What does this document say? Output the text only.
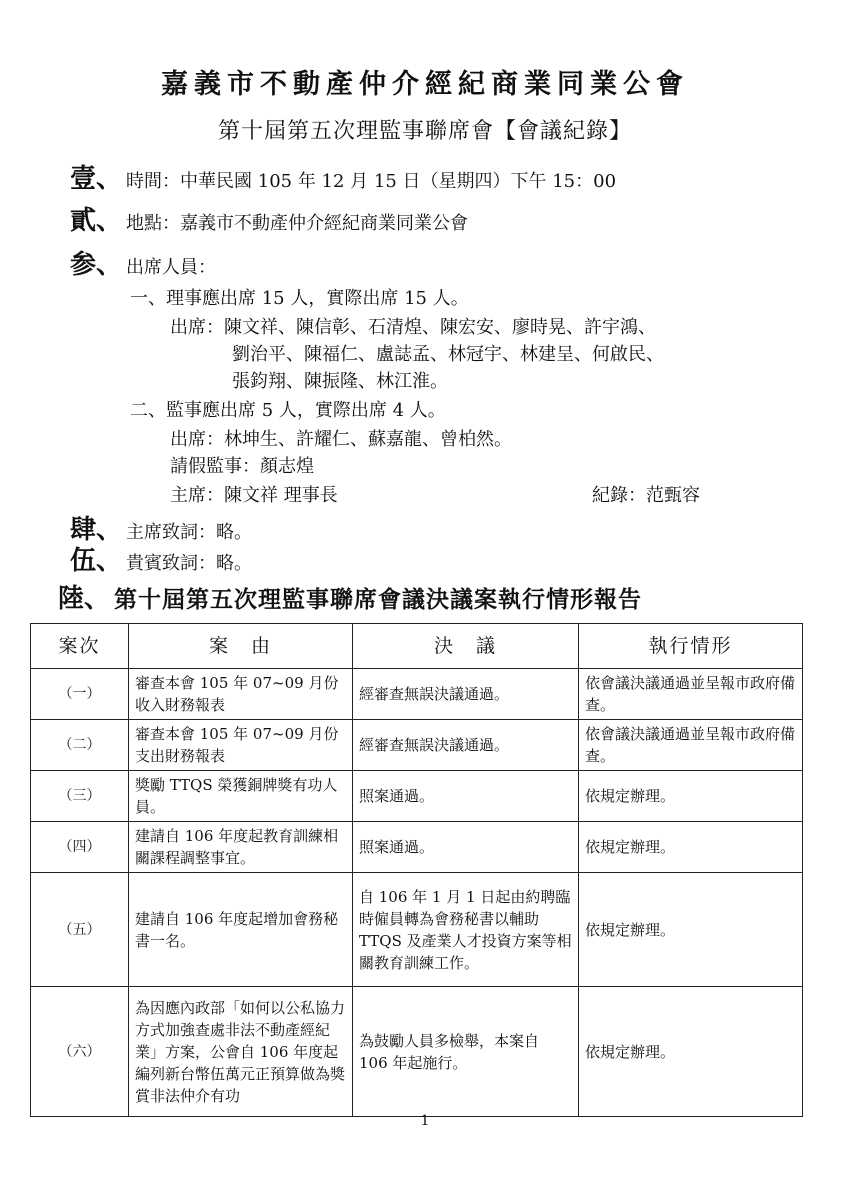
嘉義市不動產仲介經紀商業同業公會
第十屆第五次理監事聯席會【會議紀錄】
壹、 時間：中華民國 105 年 12 月 15 日（星期四）下午 15：00
貳、 地點：嘉義市不動產仲介經紀商業同業公會
参、 出席人員：
一、理事應出席 15 人，實際出席 15 人。
出席：陳文祥、陳信彰、石清煌、陳宏安、廖時晃、許宇鴻、
劉治平、陳福仁、盧誌孟、林冠宇、林建呈、何啟民、
張鈞翔、陳振隆、林江淮。
二、監事應出席 5 人，實際出席 4 人。
出席：林坤生、許耀仁、蘇嘉龍、曾柏然。
請假監事：顏志煌
主席：陳文祥 理事長	紀錄：范甄容
肆、 主席致詞：略。
伍、 貴賓致詞：略。
陸、 第十屆第五次理監事聯席會議決議案執行情形報告
案次	案　由	決　議	執行情形
（一）	審查本會 105 年 07~09 月份收入財務報表	經審查無誤決議通過。	依會議決議通過並呈報市政府備查。
（二）	審查本會 105 年 07~09 月份支出財務報表	經審查無誤決議通過。	依會議決議通過並呈報市政府備查。
（三）	獎勵 TTQS 榮獲銅牌獎有功人員。	照案通過。	依規定辦理。
（四）	建請自 106 年度起教育訓練相關課程調整事宜。	照案通過。	依規定辦理。
（五）	建請自 106 年度起增加會務秘書一名。	自 106 年 1 月 1 日起由約聘臨時僱員轉為會務秘書以輔助 TTQS 及產業人才投資方案等相關教育訓練工作。	依規定辦理。
（六）	為因應內政部「如何以公私協力方式加強查處非法不動產經紀業」方案，公會自 106 年度起編列新台幣伍萬元正預算做為獎賞非法仲介有功	為鼓勵人員多檢舉，本案自 106 年起施行。	依規定辦理。
1
